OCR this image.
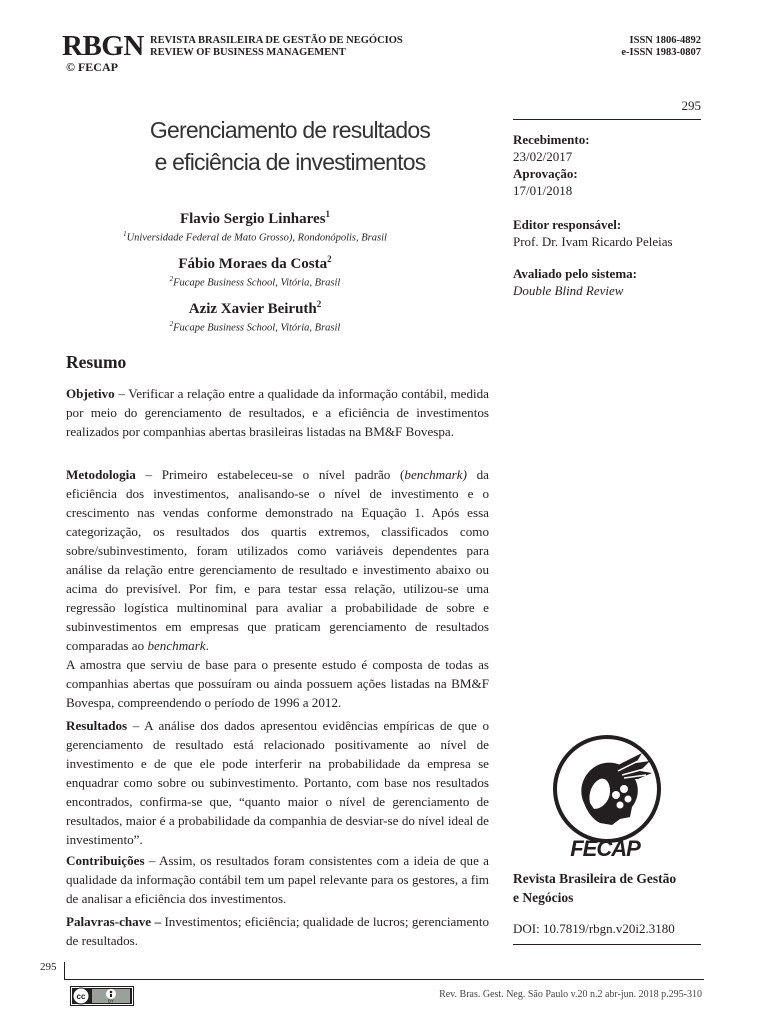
RBGN REVISTA BRASILEIRA DE GESTÃO DE NEGÓCIOS
REVIEW OF BUSINESS MANAGEMENT
© FECAP
ISSN 1806-4892
e-ISSN 1983-0807
295
Gerenciamento de resultados
e eficiência de investimentos
Flavio Sergio Linhares$^1$
$^1$Universidade Federal de Mato Grosso), Rondonópolis, Brasil
Fábio Moraes da Costa$^2$
$^2$Fucape Business School, Vitória, Brasil
Aziz Xavier Beiruth$^2$
$^2$Fucape Business School, Vitória, Brasil
Recebimento:
23/02/2017
Aprovação:
17/01/2018
Editor responsável:
Prof. Dr. Ivam Ricardo Peleias
Avaliado pelo sistema:
Double Blind Review
FECAP
Revista Brasileira de Gestão
e Negócios
DOI: 10.7819/rbgn.v20i2.3180
Resumo

Objetivo – Verificar a relação entre a qualidade da informação contábil, medida por meio do gerenciamento de resultados, e a eficiência de investimentos realizados por companhias abertas brasileiras listadas na BM&F Bovespa.

Metodologia – Primeiro estabeleceu-se o nível padrão (benchmark) da eficiência dos investimentos, analisando-se o nível de investimento e o crescimento nas vendas conforme demonstrado na Equação 1. Após essa categorização, os resultados dos quartis extremos, classificados como sobre/subinvestimento, foram utilizados como variáveis dependentes para análise da relação entre gerenciamento de resultado e investimento abaixo ou acima do previsível. Por fim, e para testar essa relação, utilizou-se uma regressão logística multinominal para avaliar a probabilidade de sobre e subinvestimentos em empresas que praticam gerenciamento de resultados comparadas ao benchmark.

A amostra que serviu de base para o presente estudo é composta de todas as companhias abertas que possuíram ou ainda possuem ações listadas na BM&F Bovespa, compreendendo o período de 1996 a 2012.

Resultados – A análise dos dados apresentou evidências empíricas de que o gerenciamento de resultado está relacionado positivamente ao nível de investimento e de que ele pode interferir na probabilidade da empresa se enquadrar como sobre ou subinvestimento. Portanto, com base nos resultados encontrados, confirma-se que, “quanto maior o nível de gerenciamento de resultados, maior é a probabilidade da companhia de desviar-se do nível ideal de investimento”.

Contribuições – Assim, os resultados foram consistentes com a ideia de que a qualidade da informação contábil tem um papel relevante para os gestores, a fim de analisar a eficiência dos investimentos.

Palavras-chave – Investimentos; eficiência; qualidade de lucros; gerenciamento de resultados.

295
cc	BY
Rev. Bras. Gest. Neg. São Paulo v.20 n.2 abr-jun. 2018 p.295-310
